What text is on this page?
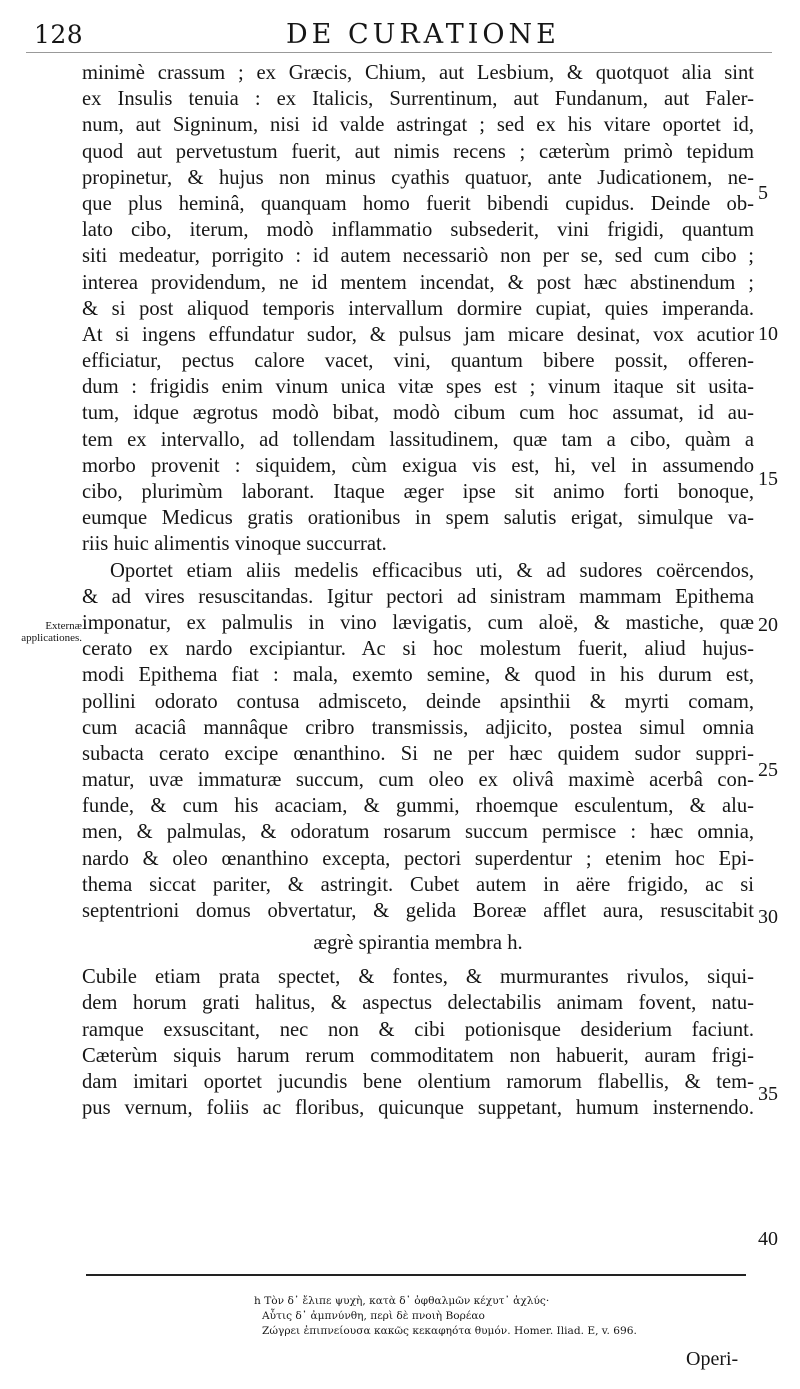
128	DE CURATIONE
Externæ applicationes.
minimè crassum ; ex Græcis, Chium, aut Lesbium, & quotquot alia sint
ex Insulis tenuia : ex Italicis, Surrentinum, aut Fundanum, aut Faler-
num, aut Signinum, nisi id valde astringat ; sed ex his vitare oportet id,
quod aut pervetustum fuerit, aut nimis recens ; cæterùm primò tepidum
propinetur, & hujus non minus cyathis quatuor, ante Judicationem, ne-
que plus heminâ, quanquam homo fuerit bibendi cupidus. Deinde ob-
lato cibo, iterum, modò inflammatio subsederit, vini frigidi, quantum
siti medeatur, porrigito : id autem necessariò non per se, sed cum cibo ;
interea providendum, ne id mentem incendat, & post hæc abstinendum ;
& si post aliquod temporis intervallum dormire cupiat, quies imperanda.
At si ingens effundatur sudor, & pulsus jam micare desinat, vox acutior
efficiatur, pectus calore vacet, vini, quantum bibere possit, offeren-
dum : frigidis enim vinum unica vitæ spes est ; vinum itaque sit usita-
tum, idque ægrotus modò bibat, modò cibum cum hoc assumat, id au-
tem ex intervallo, ad tollendam lassitudinem, quæ tam a cibo, quàm a
morbo provenit : siquidem, cùm exigua vis est, hi, vel in assumendo
cibo, plurimùm laborant. Itaque æger ipse sit animo forti bonoque,
eumque Medicus gratis orationibus in spem salutis erigat, simulque va-
riis huic alimentis vinoque succurrat.
Oportet etiam aliis medelis efficacibus uti, & ad sudores coërcendos,
& ad vires resuscitandas. Igitur pectori ad sinistram mammam Epithema
imponatur, ex palmulis in vino lævigatis, cum aloë, & mastiche, quæ
cerato ex nardo excipiantur. Ac si hoc molestum fuerit, aliud hujus-
modi Epithema fiat : mala, exemto semine, & quod in his durum est,
pollini odorato contusa admisceto, deinde apsinthii & myrti comam,
cum acaciâ mannâque cribro transmissis, adjicito, postea simul omnia
subacta cerato excipe œnanthino. Si ne per hæc quidem sudor suppri-
matur, uvæ immaturæ succum, cum oleo ex olivâ maximè acerbâ con-
funde, & cum his acaciam, & gummi, rhoemque esculentum, & alu-
men, & palmulas, & odoratum rosarum succum permisce : hæc omnia,
nardo & oleo œnanthino excepta, pectori superdentur ; etenim hoc Epi-
thema siccat pariter, & astringit. Cubet autem in aëre frigido, ac si
septentrioni domus obvertatur, & gelida Boreæ afflet aura, resuscitabit
ægrè spirantia membra h.
Cubile etiam prata spectet, & fontes, & murmurantes rivulos, siqui-
dem horum grati halitus, & aspectus delectabilis animam fovent, natu-
ramque exsuscitant, nec non & cibi potionisque desiderium faciunt.
Cæterùm siquis harum rerum commoditatem non habuerit, auram frigi-
dam imitari oportet jucundis bene olentium ramorum flabellis, & tem-
pus vernum, foliis ac floribus, quicunque suppetant, humum insternendo.
5
10
15
20
25
30
35
40
h Τὸν δ᾽ ἔλιπε ψυχὴ, κατὰ δ᾽ ὀφθαλμῶν κέχυτ᾽ ἀχλύς·
Αὖτις δ᾽ ἀμπνύνθη, περὶ δὲ πνοιὴ Βορέαο
Ζώγρει ἐπιπνείουσα κακῶς κεκαφηότα θυμόν. Homer. Iliad. E, v. 696.
Operi-
